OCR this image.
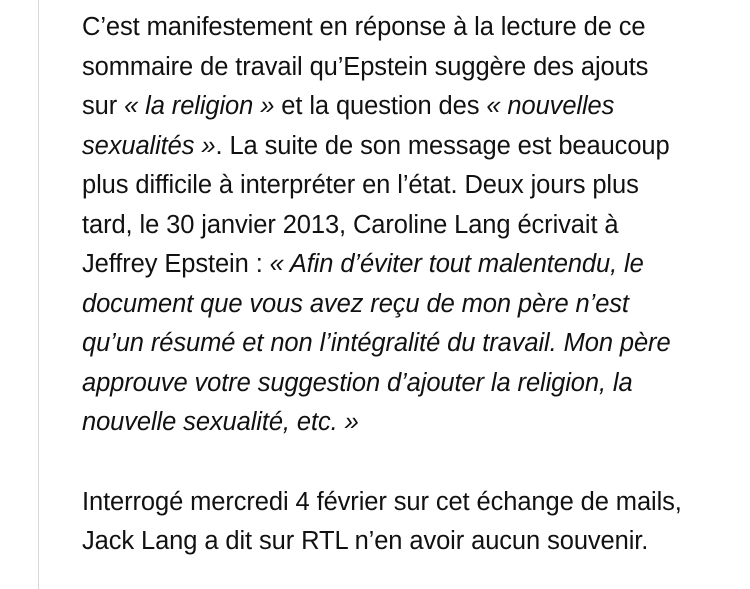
C’est manifestement en réponse à la lecture de ce sommaire de travail qu’Epstein suggère des ajouts sur « la religion » et la question des « nouvelles sexualités ». La suite de son message est beaucoup plus difficile à interpréter en l’état. Deux jours plus tard, le 30 janvier 2013, Caroline Lang écrivait à Jeffrey Epstein : « Afin d’éviter tout malentendu, le document que vous avez reçu de mon père n’est qu’un résumé et non l’intégralité du travail. Mon père approuve votre suggestion d’ajouter la religion, la nouvelle sexualité, etc. »

Interrogé mercredi 4 février sur cet échange de mails, Jack Lang a dit sur RTL n’en avoir aucun souvenir.
